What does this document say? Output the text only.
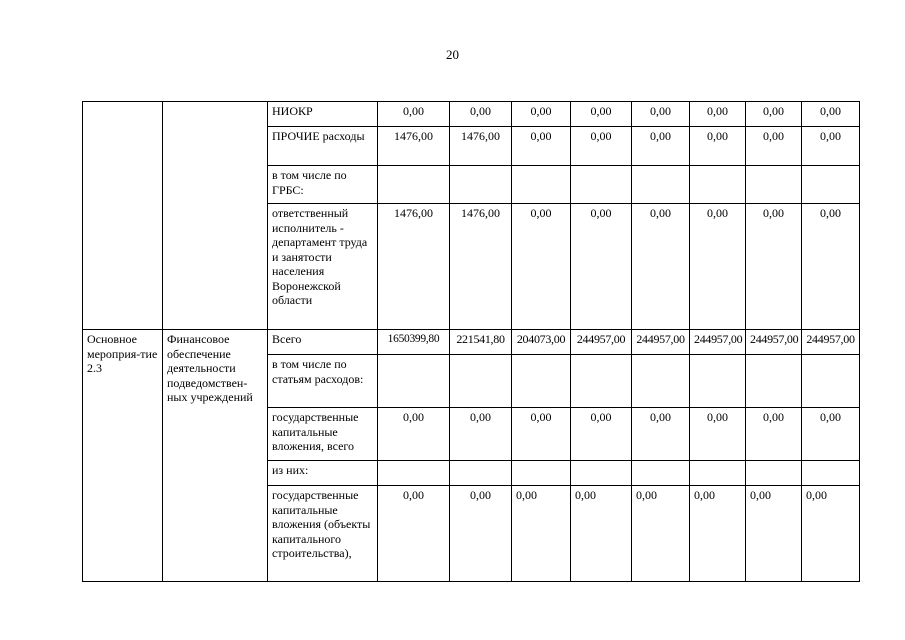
20
		НИОКР	0,00	0,00	0,00	0,00	0,00	0,00	0,00	0,00
		ПРОЧИЕ расходы	1476,00	1476,00	0,00	0,00	0,00	0,00	0,00	0,00
		в том числе по ГРБС:								
		ответственный исполнитель - департамент труда и занятости населения Воронежской области	1476,00	1476,00	0,00	0,00	0,00	0,00	0,00	0,00
Основное мероприя-тие 2.3	Финансовое обеспечение деятельности подведомствен-ных учреждений	Всего	1650399,80	221541,80	204073,00	244957,00	244957,00	244957,00	244957,00	244957,00
		в том числе по статьям расходов:								
		государственные капитальные вложения, всего	0,00	0,00	0,00	0,00	0,00	0,00	0,00	0,00
		из них:								
		государственные капитальные вложения (объекты капитального строительства),	0,00	0,00	0,00	0,00	0,00	0,00	0,00	0,00
